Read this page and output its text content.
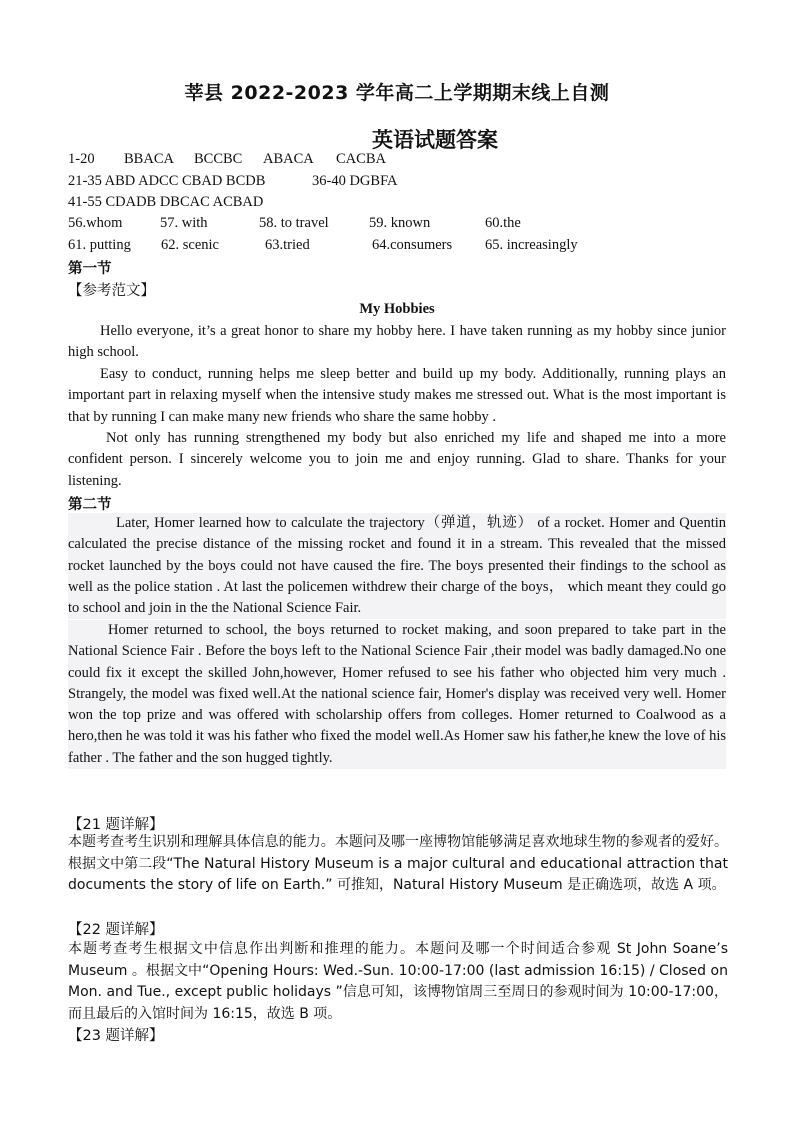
莘县 2022-2023 学年高二上学期期末线上自测
英语试题答案
1-20 BBACA BCCBC ABACA CACBA
21-35 ABD ADCC CBAD BCDB	36-40 DGBFA
41-55 CDADB DBCAC ACBAD
56.whom	57. with	58. to travel	59. known	60.the
61. putting 62. scenic	63.tried	64.consumers 65. increasingly
第一节
【参考范文】
My Hobbies

Hello everyone, it’s a great honor to share my hobby here. I have taken running as my hobby since junior high school.

Easy to conduct, running helps me sleep better and build up my body. Additionally, running plays an important part in relaxing myself when the intensive study makes me stressed out. What is the most important is that by running I can make many new friends who share the same hobby .

Not only has running strengthened my body but also enriched my life and shaped me into a more confident person. I sincerely welcome you to join me and enjoy running. Glad to share. Thanks for your listening.

第二节

Later, Homer learned how to calculate the trajectory（弹道，轨迹） of a rocket. Homer and Quentin calculated the precise distance of the missing rocket and found it in a stream. This revealed that the missed rocket launched by the boys could not have caused the fire. The boys presented their findings to the school as well as the police station . At last the policemen withdrew their charge of the boys， which meant they could go to school and join in the the National Science Fair.

Homer returned to school, the boys returned to rocket making, and soon prepared to take part in the National Science Fair . Before the boys left to the National Science Fair ,their model was badly damaged.No one could fix it except the skilled John,however, Homer refused to see his father who objected him very much . Strangely, the model was fixed well.At the national science fair, Homer's display was received very well. Homer won the top prize and was offered with scholarship offers from colleges. Homer returned to Coalwood as a hero,then he was told it was his father who fixed the model well.As Homer saw his father,he knew the love of his father . The father and the son hugged tightly.

【21 题详解】

本题考查考生识别和理解具体信息的能力。本题问及哪一座博物馆能够满足喜欢地球生物的参观者的爱好。根据文中第二段“The Natural History Museum is a major cultural and educational attraction that documents the story of life on Earth.” 可推知，Natural History Museum 是正确选项，故选 A 项。

【22 题详解】

本题考查考生根据文中信息作出判断和推理的能力。本题问及哪一个时间适合参观 St John Soane’s Museum 。根据文中“Opening Hours: Wed.-Sun. 10:00-17:00 (last admission 16:15) / Closed on Mon. and Tue., except public holidays ”信息可知，该博物馆周三至周日的参观时间为 10:00-17:00，而且最后的入馆时间为 16:15，故选 B 项。

【23 题详解】
